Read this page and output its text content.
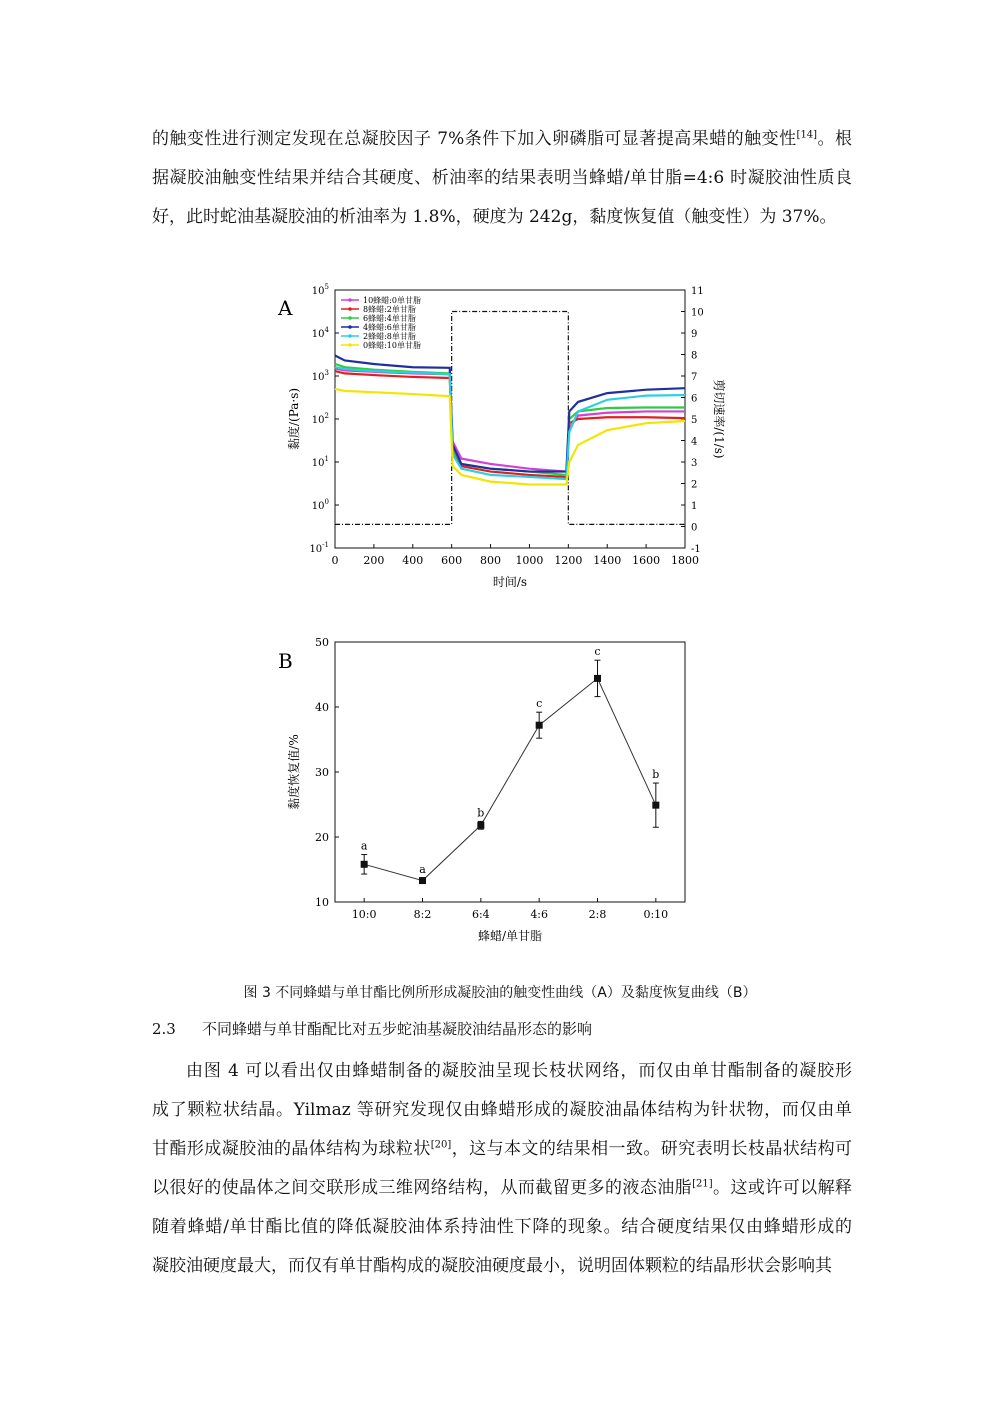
的触变性进行测定发现在总凝胶因子 7%条件下加入卵磷脂可显著提高果蜡的触变性[14]。根
据凝胶油触变性结果并结合其硬度、析油率的结果表明当蜂蜡/单甘脂=4:6 时凝胶油性质良
好，此时蛇油基凝胶油的析油率为 1.8%，硬度为 242g，黏度恢复值（触变性）为 37%。
A
0 200 400 600 800 1000 1200 1400 1600 1800
时间/s
$10^{-1}$
$10^0$
$10^1$
$10^2$
$10^3$
$10^4$
$10^5$
黏度/(Pa·s)
-1
0
1
2
3
4
5
6
7
8
9
10
11
剪切速率/(1/s)
10蜂蜡:0单甘脂
8蜂蜡:2单甘脂
6蜂蜡:4单甘脂
4蜂蜡:6单甘脂
2蜂蜡:8单甘脂
0蜂蜡:10单甘脂
B
10:0	8:2	6:4	4:6	2:8	0:10
蜂蜡/单甘脂
10
20
30
40
50
黏度恢复值/%
a
a
b
c
c
b
图 3 不同蜂蜡与单甘酯比例所形成凝胶油的触变性曲线（A）及黏度恢复曲线（B）
2.3 不同蜂蜡与单甘酯配比对五步蛇油基凝胶油结晶形态的影响
由图 4 可以看出仅由蜂蜡制备的凝胶油呈现长枝状网络，而仅由单甘酯制备的凝胶形
成了颗粒状结晶。Yilmaz 等研究发现仅由蜂蜡形成的凝胶油晶体结构为针状物，而仅由单
甘酯形成凝胶油的晶体结构为球粒状[20]，这与本文的结果相一致。研究表明长枝晶状结构可
以很好的使晶体之间交联形成三维网络结构，从而截留更多的液态油脂[21]。这或许可以解释
随着蜂蜡/单甘酯比值的降低凝胶油体系持油性下降的现象。结合硬度结果仅由蜂蜡形成的
凝胶油硬度最大，而仅有单甘酯构成的凝胶油硬度最小，说明固体颗粒的结晶形状会影响其
